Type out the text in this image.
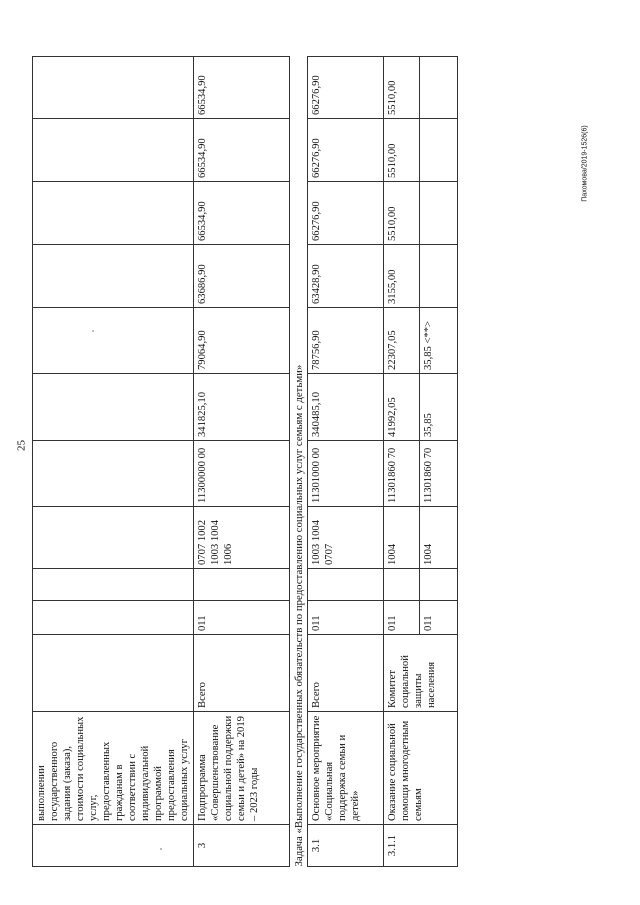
25
Пахомова/2019-1526(6)
	выполнении государственного задания (заказа), стоимости социальных услуг, предоставленных гражданам в соответствии с индивидуальной программой предоставления социальных услуг											
3	Подпрограмма «Совершенствование социальной поддержки семьи и детей» на 2019 – 2023 годы	Всего	011		0707 1002 1003 1004 1006	11300000 00	341825,10	79064,90	63686,90	66534,90	66534,90	66534,90
Задача «Выполнение государственных обязательств по предоставлению социальных услуг семьям с детьми»												
3.1	Основное мероприятие «Социальная поддержка семьи и детей»	Всего	011		1003 1004 0707	11301000 00	340485,10	78756,90	63428,90	66276,90	66276,90	66276,90
3.1.1	Оказание социальной помощи многодетным семьям	Комитет социальной защиты населения	011		1004	11301860 70	41992,05	22307,05	3155,00	5510,00	5510,00	5510,00
			011		1004	11301860 70	35,85	35,85 <**>				
